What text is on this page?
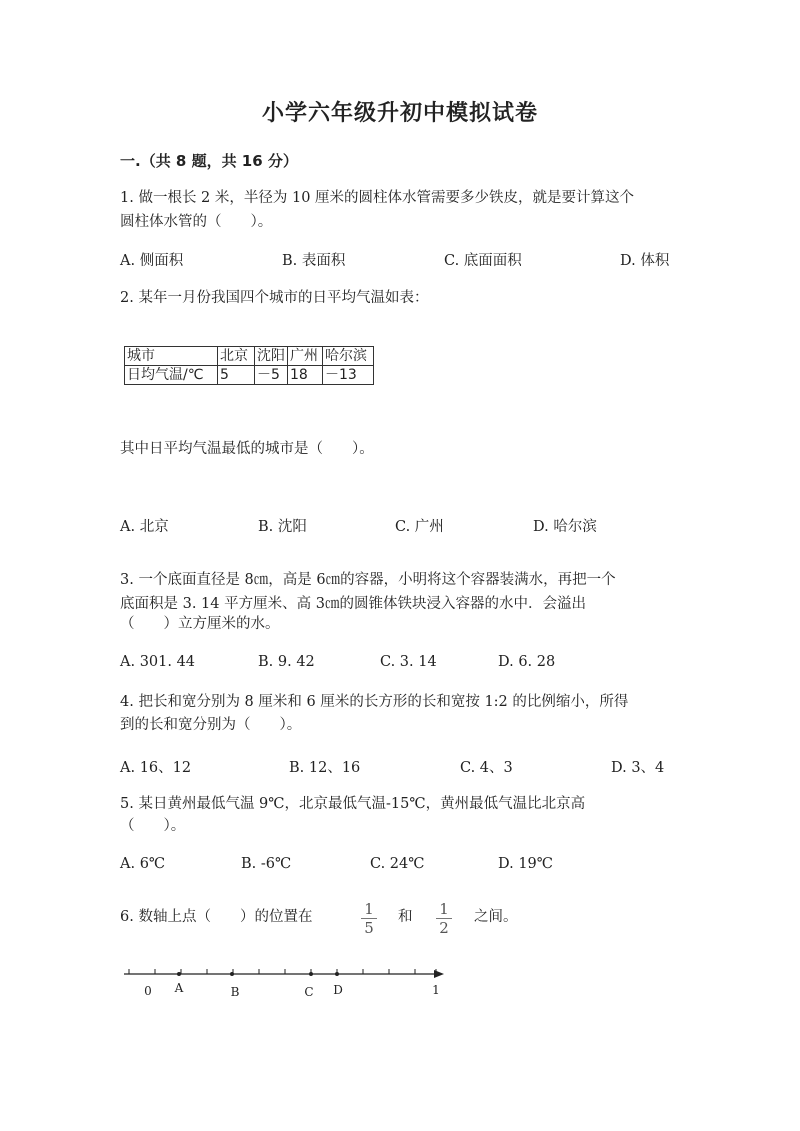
小学六年级升初中模拟试卷
一.（共 8 题，共 16 分）
1. 做一根长 2 米，半径为 10 厘米的圆柱体水管需要多少铁皮，就是要计算这个
圆柱体水管的（　　）。
A. 侧面积	B. 表面积	C. 底面面积	D. 体积
2. 某年一月份我国四个城市的日平均气温如表：
城市	北京	沈阳	广州	哈尔滨
日均气温/℃	5	－5	18	－13
其中日平均气温最低的城市是（　　）。
A. 北京	B. 沈阳	C. 广州	D. 哈尔滨
3. 一个底面直径是 8㎝，高是 6㎝的容器，小明将这个容器装满水，再把一个
底面积是 3. 14 平方厘米、高 3㎝的圆锥体铁块浸入容器的水中．会溢出
（　　）立方厘米的水。
A. 301. 44	B. 9. 42	C. 3. 14	D. 6. 28
4. 把长和宽分别为 8 厘米和 6 厘米的长方形的长和宽按 1:2 的比例缩小，所得
到的长和宽分别为（　　）。
A. 16、12	B. 12、16	C. 4、3	D. 3、4
5. 某日黄州最低气温 9℃，北京最低气温-15℃，黄州最低气温比北京高
（　　）。
A. 6℃	B. -6℃	C. 24℃	D. 19℃
6. 数轴上点（　　）的位置在	$\frac{1}{5}$ 和 $\frac{1}{2}$ 之间。
0 A	B	C D	1
